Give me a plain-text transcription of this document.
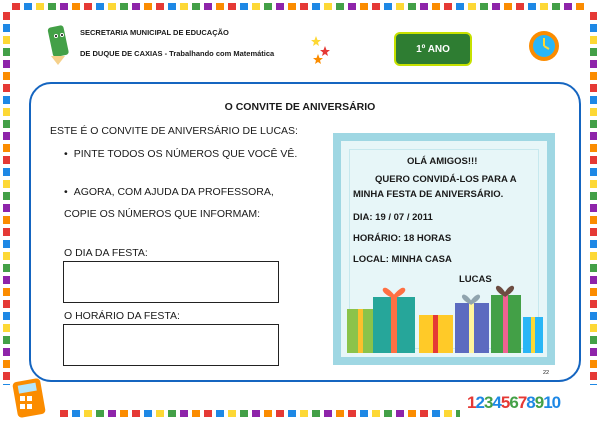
SECRETARIA MUNICIPAL DE EDUCAÇÃO
DE DUQUE DE CAXIAS - Trabalhando com Matemática	1º ANO
O CONVITE DE ANIVERSÁRIO
ESTE É O CONVITE DE ANIVERSÁRIO DE LUCAS:
• PINTE TODOS OS NÚMEROS QUE VOCÊ VÊ.
• AGORA, COM AJUDA DA PROFESSORA,
COPIE OS NÚMEROS QUE INFORMAM:
O DIA DA FESTA:
O HORÁRIO DA FESTA:
OLÁ AMIGOS!!!
QUERO CONVIDÁ-LOS PARA A
MINHA FESTA DE ANIVERSÁRIO.
DIA: 19 / 07 / 2011
HORÁRIO: 18 HORAS
LOCAL: MINHA CASA
LUCAS
22
12345678910
